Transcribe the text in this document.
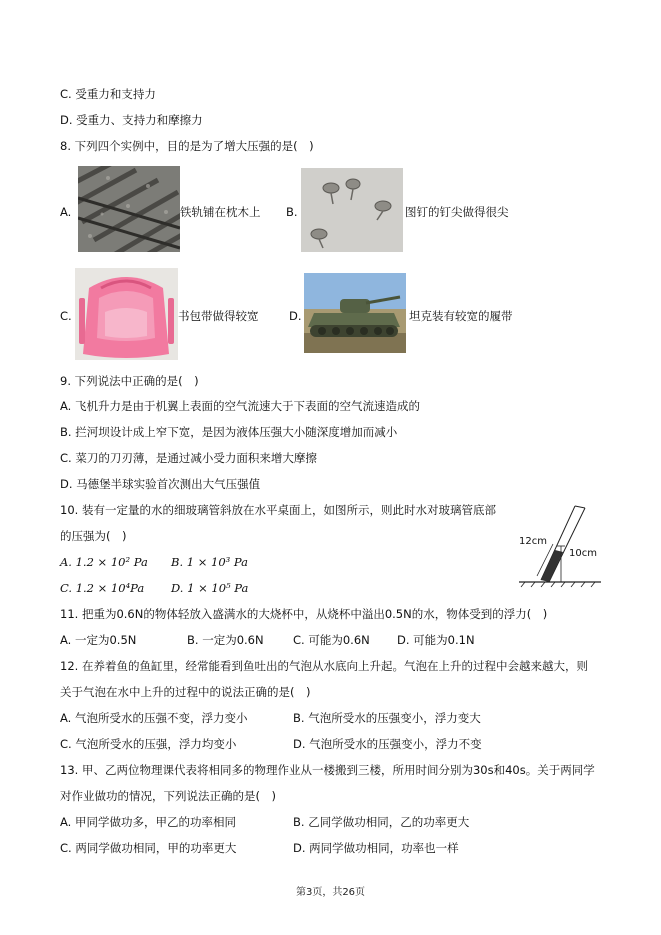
C. 受重力和支持力
D. 受重力、支持力和摩擦力
8. 下列四个实例中，目的是为了增大压强的是(　)
A.	铁轨铺在枕木上 B.	图钉的钉尖做得很尖
C.	书包带做得较宽	D.	坦克装有较宽的履带
9. 下列说法中正确的是(　)
A. 飞机升力是由于机翼上表面的空气流速大于下表面的空气流速造成的
B. 拦河坝设计成上窄下宽，是因为液体压强大小随深度增加而减小
C. 菜刀的刀刃薄，是通过减小受力面积来增大摩擦
D. 马德堡半球实验首次测出大气压强值
10. 装有一定量的水的细玻璃管斜放在水平桌面上，如图所示，则此时水对玻璃管底部
的压强为(　)
A. 1.2 × 10² Pa B. 1 × 10³ Pa
C. 1.2 × 10⁴Pa D. 1 × 10⁵ Pa
12cm
10cm
11. 把重为0.6N的物体轻放入盛满水的大烧杯中，从烧杯中溢出0.5N的水，物体受到的浮力(　)
A. 一定为0.5N	B. 一定为0.6N	C. 可能为0.6N D. 可能为0.1N
12. 在养着鱼的鱼缸里，经常能看到鱼吐出的气泡从水底向上升起。气泡在上升的过程中会越来越大，则
关于气泡在水中上升的过程中的说法正确的是(　)
A. 气泡所受水的压强不变，浮力变小	B. 气泡所受水的压强变小，浮力变大
C. 气泡所受水的压强，浮力均变小	D. 气泡所受水的压强变小，浮力不变
13. 甲、乙两位物理课代表将相同多的物理作业从一楼搬到三楼，所用时间分别为30s和40s。关于两同学
对作业做功的情况，下列说法正确的是(　)
A. 甲同学做功多，甲乙的功率相同	B. 乙同学做功相同，乙的功率更大
C. 两同学做功相同，甲的功率更大	D. 两同学做功相同，功率也一样
第3页，共26页
